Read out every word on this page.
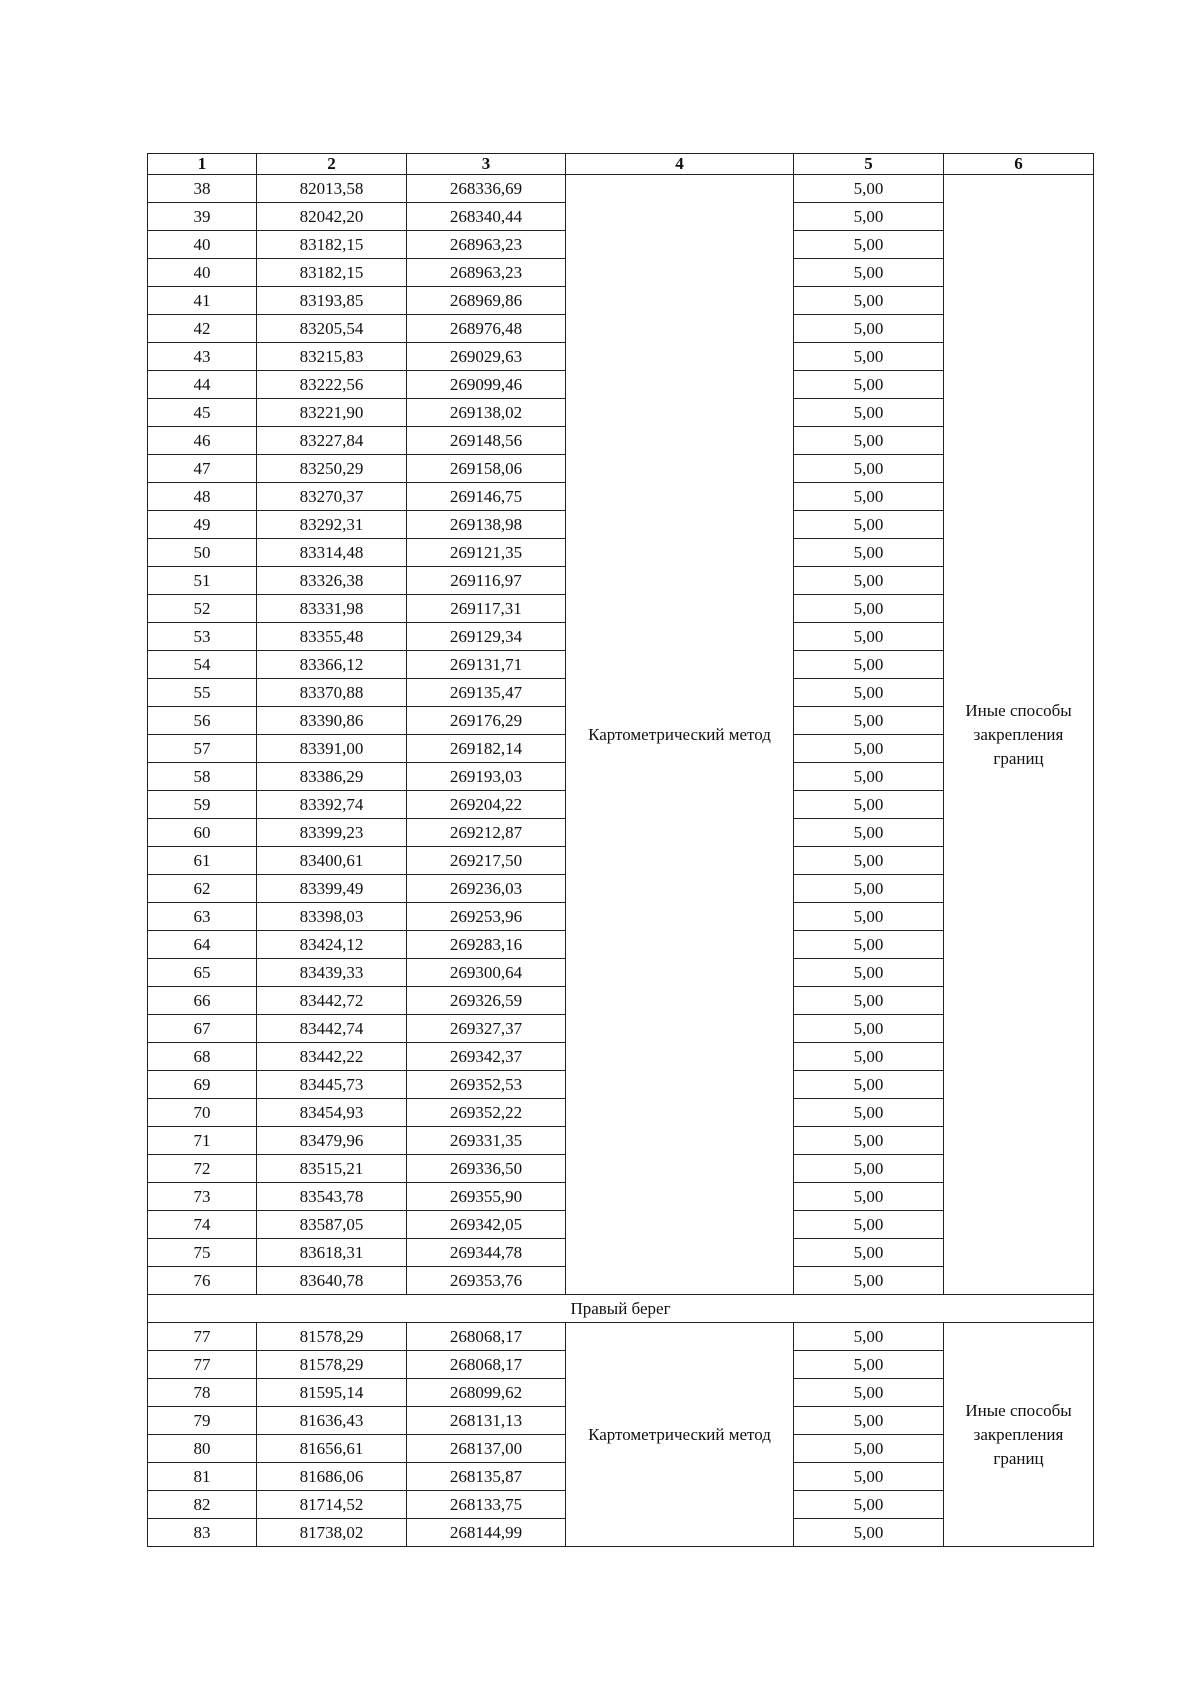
1	2	3	4	5	6
38	82013,58	268336,69	Картометрический метод	5,00	Иные способы закрепления границ
39	82042,20	268340,44		5,00	
40	83182,15	268963,23		5,00	
40	83182,15	268963,23		5,00	
41	83193,85	268969,86		5,00	
42	83205,54	268976,48		5,00	
43	83215,83	269029,63		5,00	
44	83222,56	269099,46		5,00	
45	83221,90	269138,02		5,00	
46	83227,84	269148,56		5,00	
47	83250,29	269158,06		5,00	
48	83270,37	269146,75		5,00	
49	83292,31	269138,98		5,00	
50	83314,48	269121,35		5,00	
51	83326,38	269116,97		5,00	
52	83331,98	269117,31		5,00	
53	83355,48	269129,34		5,00	
54	83366,12	269131,71		5,00	
55	83370,88	269135,47		5,00	
56	83390,86	269176,29		5,00	
57	83391,00	269182,14		5,00	
58	83386,29	269193,03		5,00	
59	83392,74	269204,22		5,00	
60	83399,23	269212,87		5,00	
61	83400,61	269217,50		5,00	
62	83399,49	269236,03		5,00	
63	83398,03	269253,96		5,00	
64	83424,12	269283,16		5,00	
65	83439,33	269300,64		5,00	
66	83442,72	269326,59		5,00	
67	83442,74	269327,37		5,00	
68	83442,22	269342,37		5,00	
69	83445,73	269352,53		5,00	
70	83454,93	269352,22		5,00	
71	83479,96	269331,35		5,00	
72	83515,21	269336,50		5,00	
73	83543,78	269355,90		5,00	
74	83587,05	269342,05		5,00	
75	83618,31	269344,78		5,00	
76	83640,78	269353,76		5,00	
Правый берег					
77	81578,29	268068,17	Картометрический метод	5,00	Иные способы закрепления границ
77	81578,29	268068,17		5,00	
78	81595,14	268099,62		5,00	
79	81636,43	268131,13		5,00	
80	81656,61	268137,00		5,00	
81	81686,06	268135,87		5,00	
82	81714,52	268133,75		5,00	
83	81738,02	268144,99		5,00	
